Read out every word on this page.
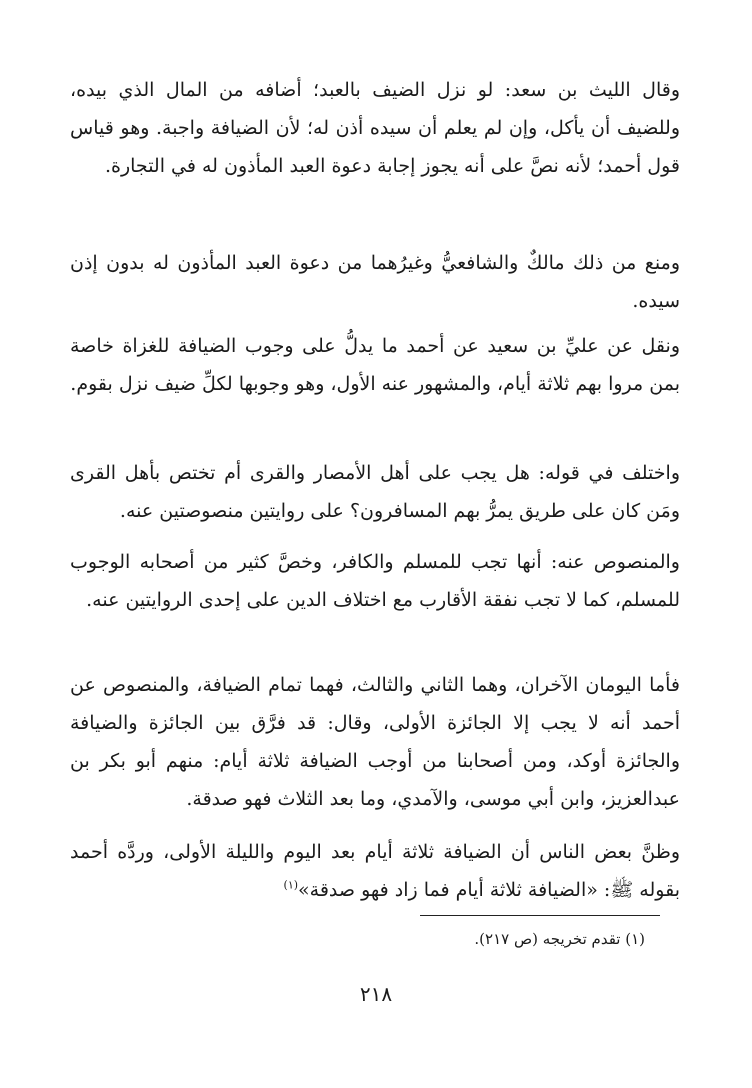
وقال الليث بن سعد: لو نزل الضيف بالعبد؛ أضافه من المال الذي بيده، وللضيف أن يأكل، وإن لم يعلم أن سيده أذن له؛ لأن الضيافة واجبة. وهو قياس قول أحمد؛ لأنه نصَّ على أنه يجوز إجابة دعوة العبد المأذون له في التجارة.

ومنع من ذلك مالكٌ والشافعيُّ وغيرُهما من دعوة العبد المأذون له بدون إذن سيده.

ونقل عن عليِّ بن سعيد عن أحمد ما يدلُّ على وجوب الضيافة للغزاة خاصة بمن مروا بهم ثلاثة أيام، والمشهور عنه الأول، وهو وجوبها لكلِّ ضيف نزل بقوم.

واختلف في قوله: هل يجب على أهل الأمصار والقرى أم تختص بأهل القرى ومَن كان على طريق يمرُّ بهم المسافرون؟ على روايتين منصوصتين عنه.

والمنصوص عنه: أنها تجب للمسلم والكافر، وخصَّ كثير من أصحابه الوجوب للمسلم، كما لا تجب نفقة الأقارب مع اختلاف الدين على إحدى الروايتين عنه.

فأما اليومان الآخران، وهما الثاني والثالث، فهما تمام الضيافة، والمنصوص عن أحمد أنه لا يجب إلا الجائزة الأولى، وقال: قد فرَّق بين الجائزة والضيافة والجائزة أوكد، ومن أصحابنا من أوجب الضيافة ثلاثة أيام: منهم أبو بكر بن عبدالعزيز، وابن أبي موسى، والآمدي، وما بعد الثلاث فهو صدقة.

وظنَّ بعض الناس أن الضيافة ثلاثة أيام بعد اليوم والليلة الأولى، وردَّه أحمد بقوله ﷺ: «الضيافة ثلاثة أيام فما زاد فهو صدقة»$^{(١)}$

(١) تقدم تخريجه (ص ٢١٧).
٢١٨
